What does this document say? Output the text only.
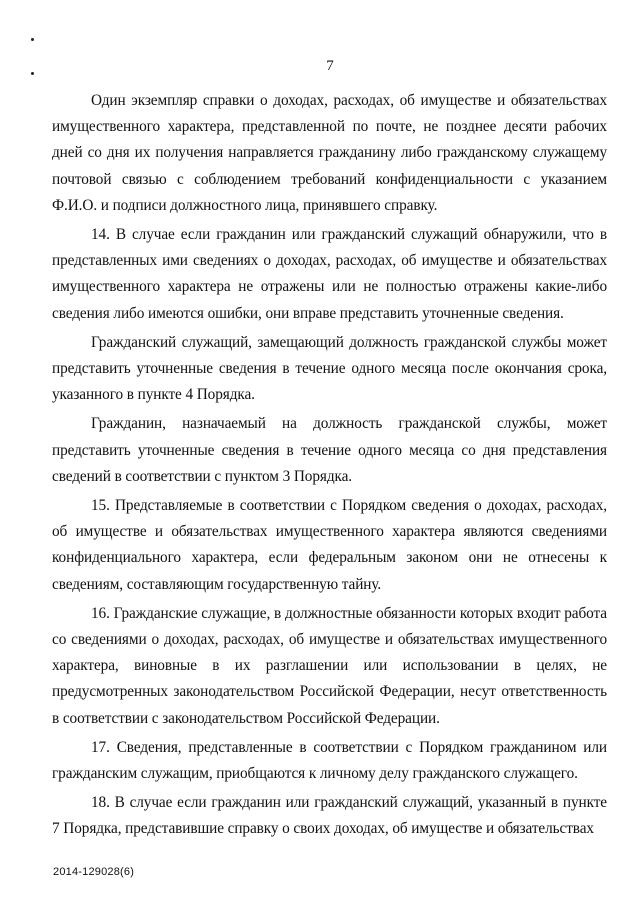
7

Один экземпляр справки о доходах, расходах, об имуществе и обязательствах имущественного характера, представленной по почте, не позднее десяти рабочих дней со дня их получения направляется гражданину либо гражданскому служащему почтовой связью с соблюдением требований конфиденциальности с указанием Ф.И.О. и подписи должностного лица, принявшего справку.

14. В случае если гражданин или гражданский служащий обнаружили, что в представленных ими сведениях о доходах, расходах, об имуществе и обязательствах имущественного характера не отражены или не полностью отражены какие-либо сведения либо имеются ошибки, они вправе представить уточненные сведения.

Гражданский служащий, замещающий должность гражданской службы может представить уточненные сведения в течение одного месяца после окончания срока, указанного в пункте 4 Порядка.

Гражданин, назначаемый на должность гражданской службы, может представить уточненные сведения в течение одного месяца со дня представления сведений в соответствии с пунктом 3 Порядка.

15. Представляемые в соответствии с Порядком сведения о доходах, расходах, об имуществе и обязательствах имущественного характера являются сведениями конфиденциального характера, если федеральным законом они не отнесены к сведениям, составляющим государственную тайну.

16. Гражданские служащие, в должностные обязанности которых входит работа со сведениями о доходах, расходах, об имуществе и обязательствах имущественного характера, виновные в их разглашении или использовании в целях, не предусмотренных законодательством Российской Федерации, несут ответственность в соответствии с законодательством Российской Федерации.

17. Сведения, представленные в соответствии с Порядком гражданином или гражданским служащим, приобщаются к личному делу гражданского служащего.

18. В случае если гражданин или гражданский служащий, указанный в пункте 7 Порядка, представившие справку о своих доходах, об имуществе и обязательствах

2014-129028(6)
